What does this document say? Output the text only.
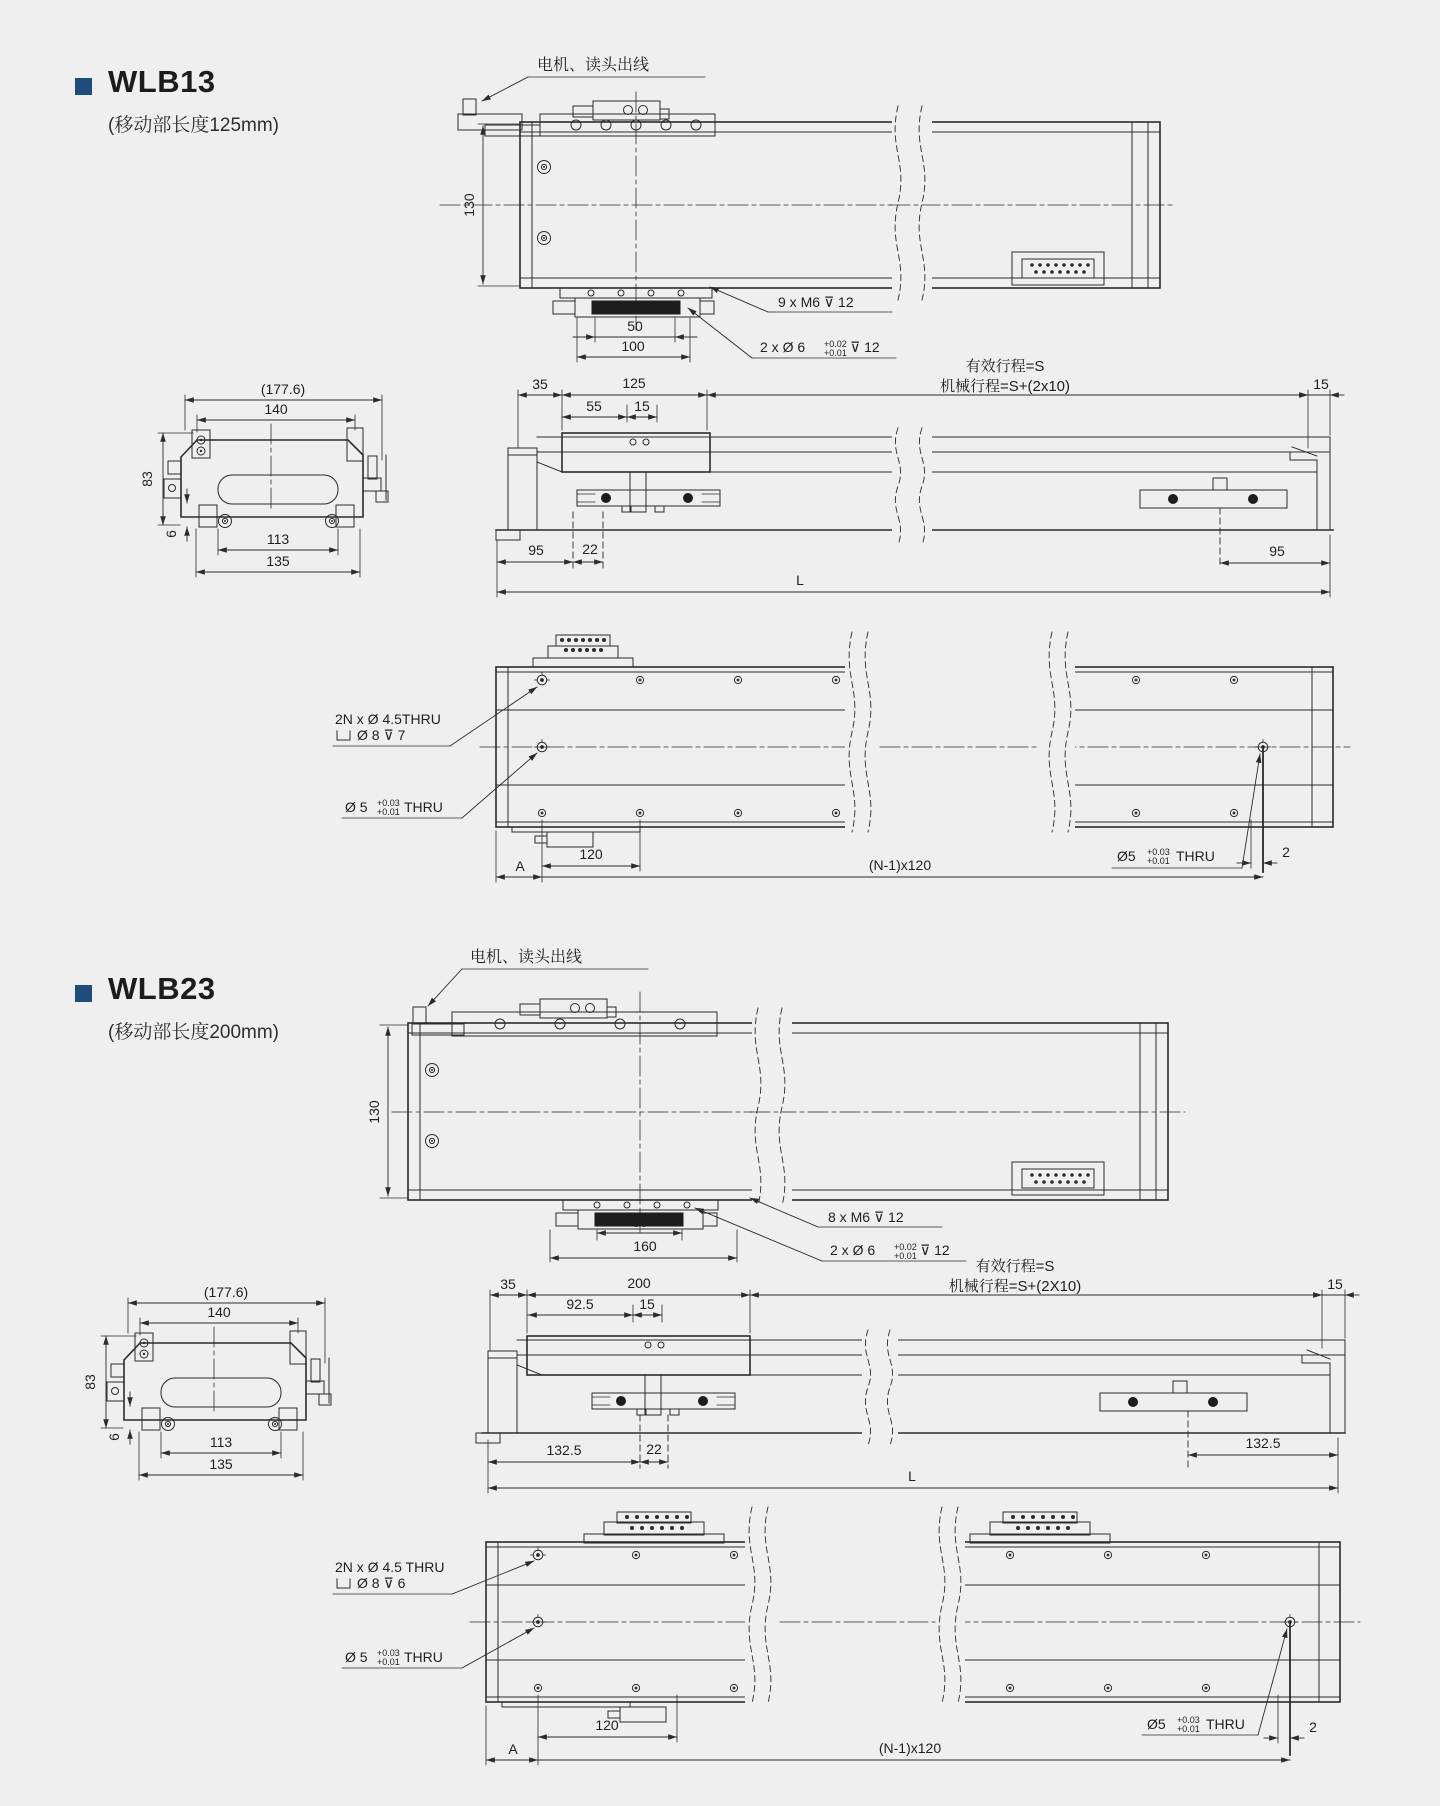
WLB13
(移动部长度125mm)
WLB23
(移动部长度200mm)
电机、读头出线
130
50
100
9 x M6 ⊽ 12
2 x Ø 6 +0.02
+0.01 ⊽ 12
35	125
有效行程=S
机械行程=S+(2x10)	15
55 15
95	22
L
95
2N x Ø 4.5THRU
Ø 8 ⊽ 7
Ø 5 +0.03
+0.01 THRU
120
A	(N-1)x120
2
Ø5 +0.03
+0.01 THRU
电机、读头出线
130
80
160
8 x M6 ⊽ 12
2 x Ø 6 +0.02
+0.01 ⊽ 12
35	200
有效行程=S
机械行程=S+(2X10)	15
92.5	15
132.5	22
L
132.5
2N x Ø 4.5 THRU
Ø 8 ⊽ 6
Ø 5 +0.03
+0.01 THRU
120
A	(N-1)x120
2
Ø5 +0.03
+0.01 THRU
